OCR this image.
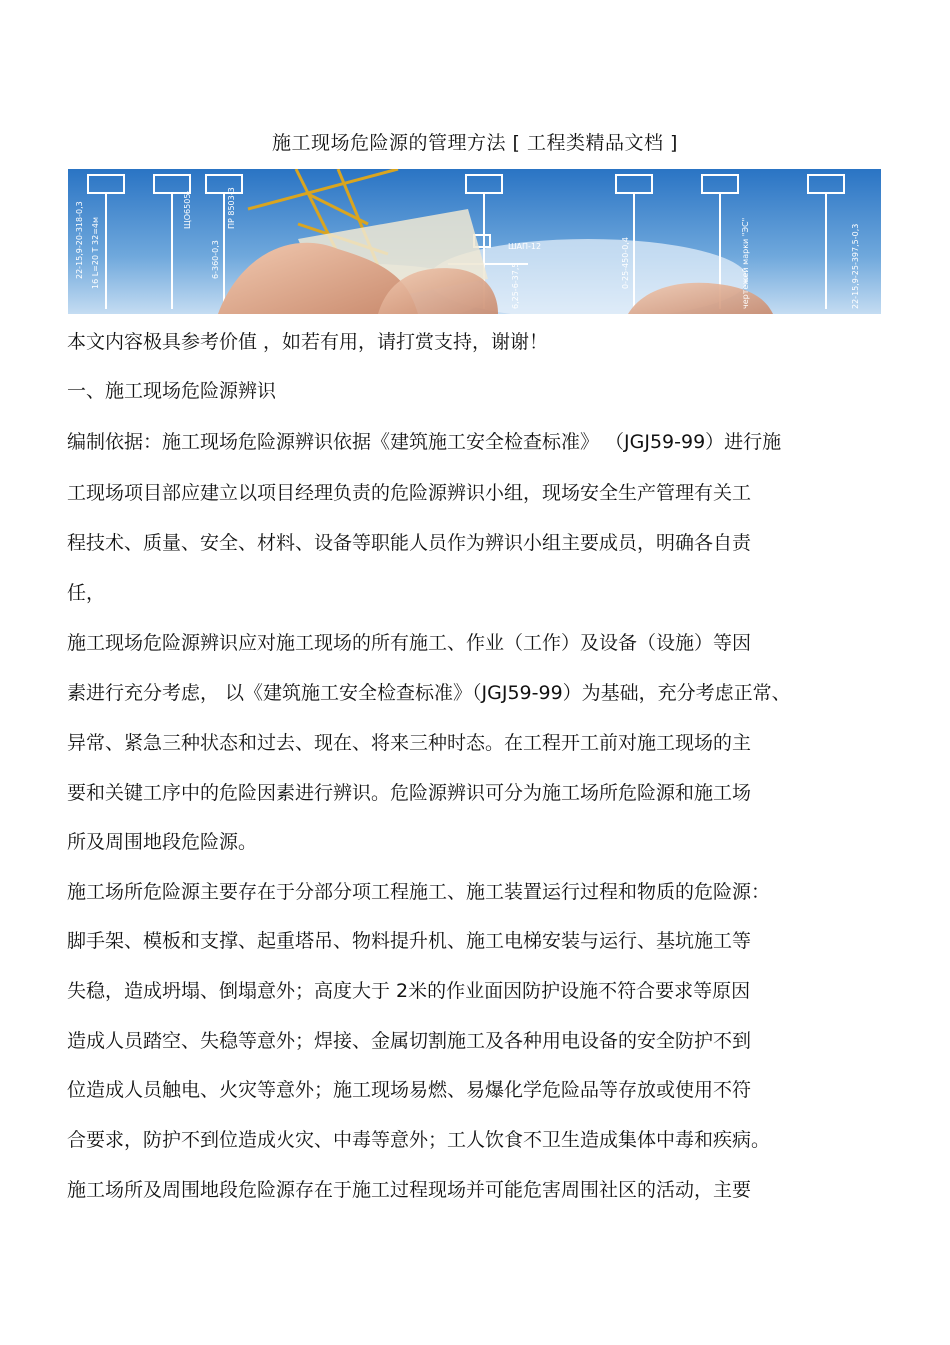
施工现场危险源的管理方法 [ 工程类精品文档 ]
22-15,9-20-318-0,3 16 L=20 T 32=4м
ЩО6505-
6-360-0,3
ПР 8503-3
ШАП-12
6,25-6-37,5	0-25-450-0,4	чертежей марки "ЭС"	22-15,9-25-397,5-0,3
本文内容极具参考价值 ，如若有用，请打赏支持，谢谢！
一、施工现场危险源辨识
编制依据：施工现场危险源辨识依据《建筑施工安全检查标准》 （JGJ59-99）进行施
工现场项目部应建立以项目经理负责的危险源辨识小组，现场安全生产管理有关工
程技术、质量、安全、材料、设备等职能人员作为辨识小组主要成员，明确各自责
任，
施工现场危险源辨识应对施工现场的所有施工、作业（工作）及设备（设施）等因
素进行充分考虑， 以《建筑施工安全检查标准》（JGJ59-99）为基础，充分考虑正常、
异常、紧急三种状态和过去、现在、将来三种时态。在工程开工前对施工现场的主
要和关键工序中的危险因素进行辨识。危险源辨识可分为施工场所危险源和施工场
所及周围地段危险源。
施工场所危险源主要存在于分部分项工程施工、施工装置运行过程和物质的危险源：
脚手架、模板和支撑、起重塔吊、物料提升机、施工电梯安装与运行、基坑施工等
失稳，造成坍塌、倒塌意外；高度大于 2米的作业面因防护设施不符合要求等原因
造成人员踏空、失稳等意外；焊接、金属切割施工及各种用电设备的安全防护不到
位造成人员触电、火灾等意外；施工现场易燃、易爆化学危险品等存放或使用不符
合要求，防护不到位造成火灾、中毒等意外；工人饮食不卫生造成集体中毒和疾病。
施工场所及周围地段危险源存在于施工过程现场并可能危害周围社区的活动，主要
